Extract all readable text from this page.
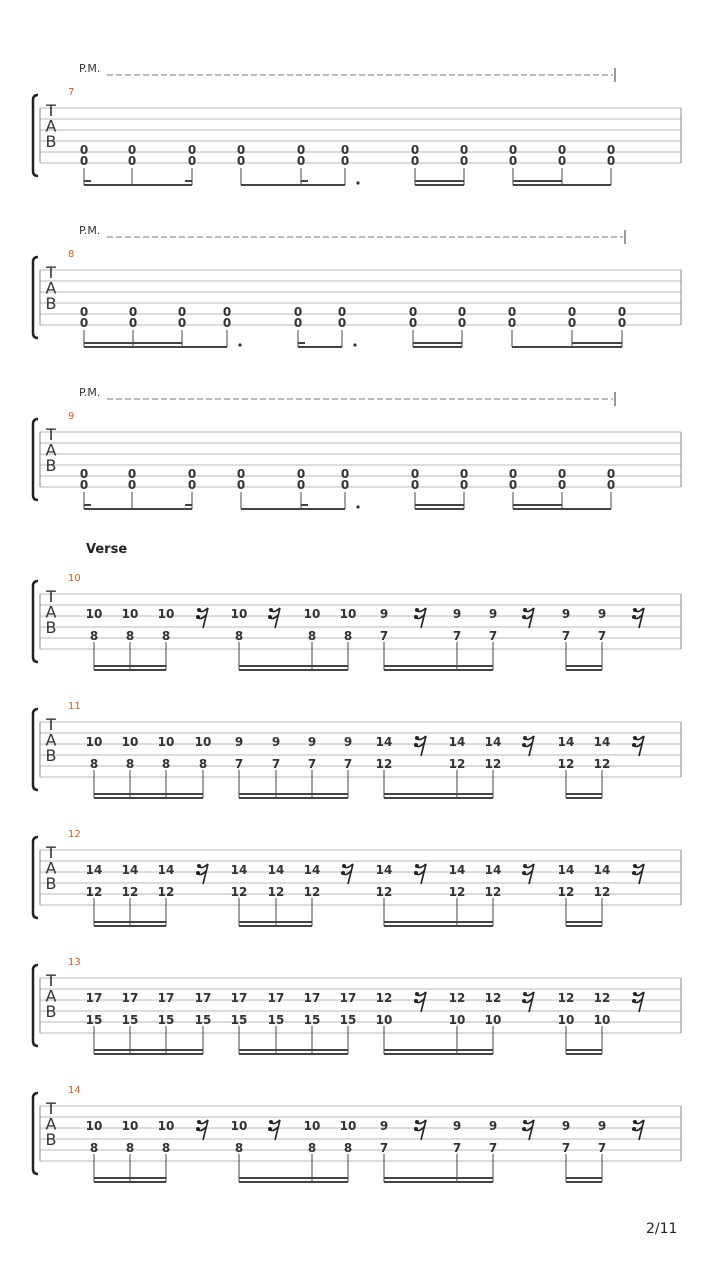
T
A
B
7
P.M.
0
0
0
0
0
0
0
0
0
0
0
0
0
0
0
0
0
0
0
0
0
0
T
A
B
8
P.M.
0
0
0
0
0
0
0
0
0
0
0
0
0
0
0
0
0
0
0
0
0
0
T
A
B
9
P.M.
0
0
0
0
0
0
0
0
0
0
0
0
0
0
0
0
0
0
0
0
0
0
T
A
B
10
Verse
10
8
10
8
10
8
10
8
10
8
10
8
9
7
9
7
9
7
9
7
9
7
T
A
B
11
10
8
10
8
10
8
10
8
9
7
9
7
9
7
9
7
14
12
14
12
14
12
14
12
14
12
T
A
B
12
14
12
14
12
14
12
14
12
14
12
14
12
14
12
14
12
14
12
14
12
14
12
T
A
B
13
17
15
17
15
17
15
17
15
17
15
17
15
17
15
17
15
12
10
12
10
12
10
12
10
12
10
T
A
B
14
10
8
10
8
10
8
10
8
10
8
10
8
9
7
9
7
9
7
9
7
9
7
2/11
